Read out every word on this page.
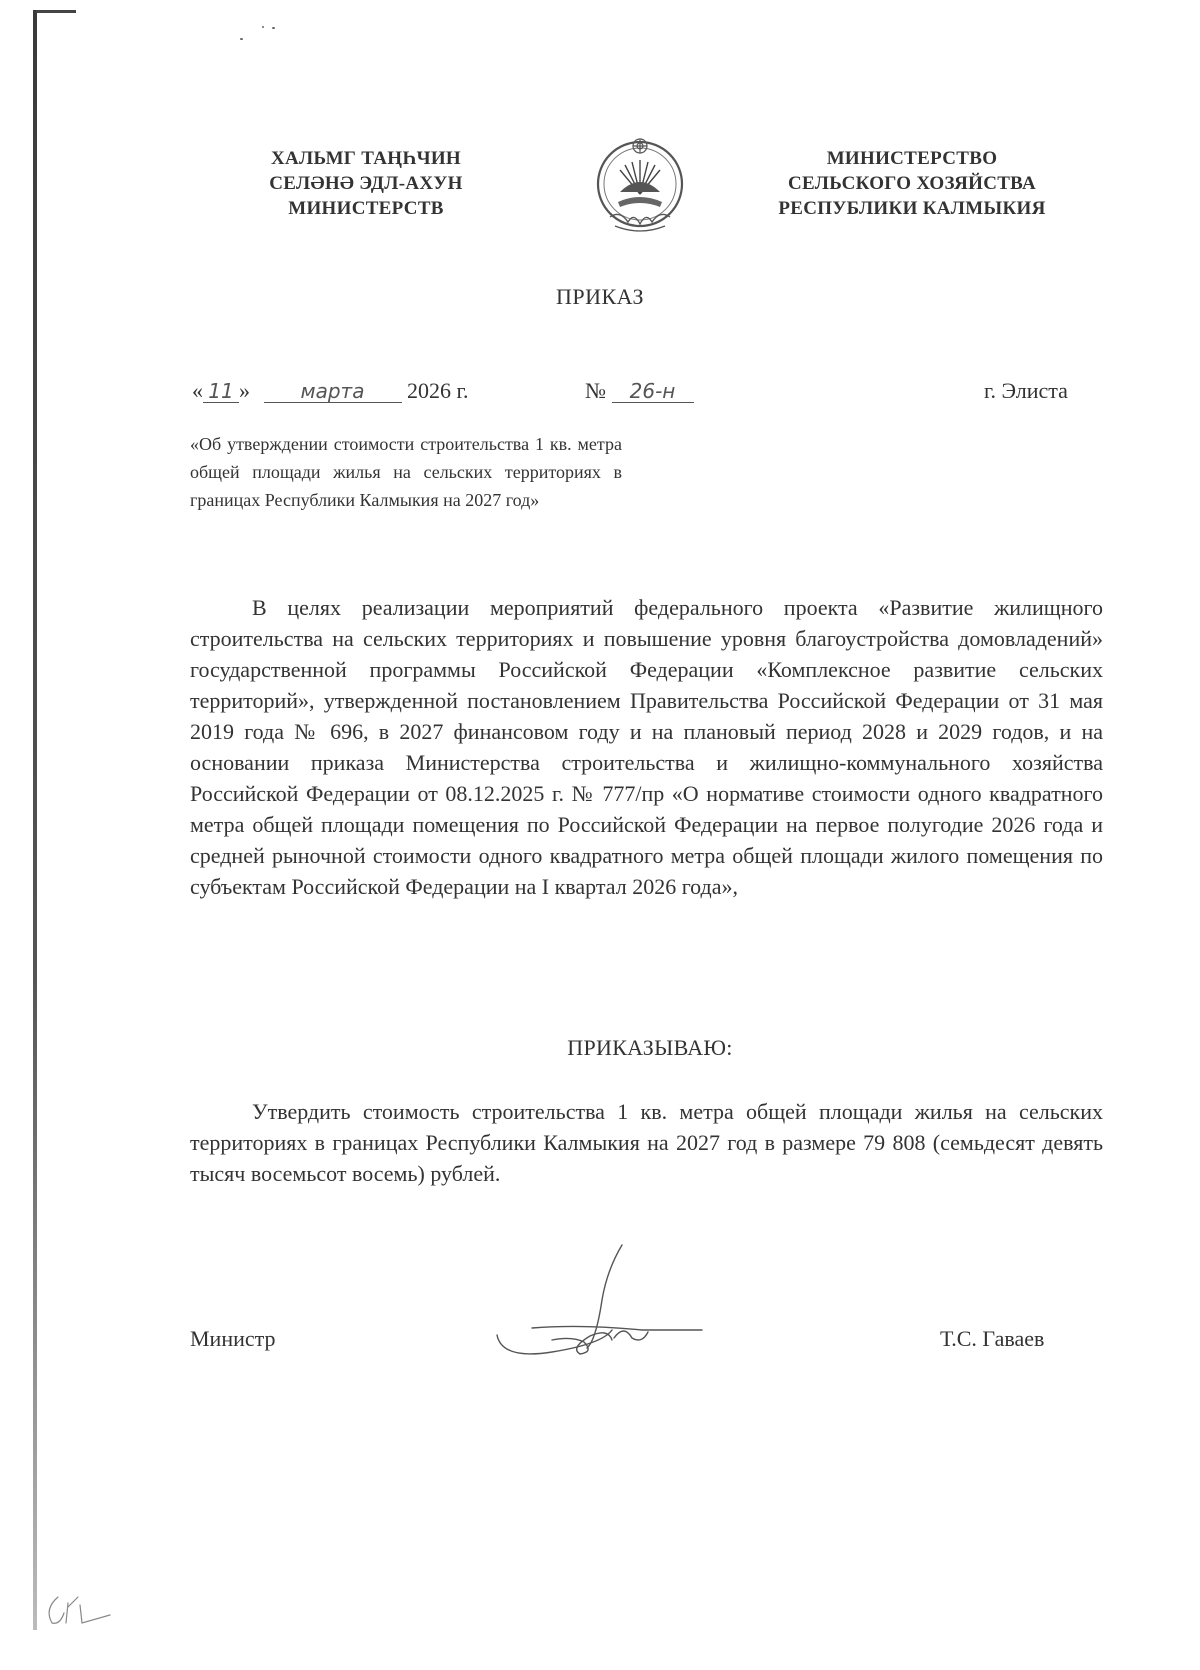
ХАЛЬМГ ТАҢҺЧИН
СЕЛӘНӘ ЭДЛ-АХУН
МИНИСТЕРСТВ
МИНИСТЕРСТВО
СЕЛЬСКОГО ХОЗЯЙСТВА
РЕСПУБЛИКИ КАЛМЫКИЯ
ПРИКАЗ
« 11 »	марта 2026 г.	№ 26-н	г. Элиста
«Об утверждении стоимости строительства 1 кв. метра общей площади жилья на сельских территориях в границах Республики Калмыкия на 2027 год»

В целях реализации мероприятий федерального проекта «Развитие жилищного строительства на сельских территориях и повышение уровня благоустройства домовладений» государственной программы Российской Федерации «Комплексное развитие сельских территорий», утвержденной постановлением Правительства Российской Федерации от 31 мая 2019 года № 696, в 2027 финансовом году и на плановый период 2028 и 2029 годов, и на основании приказа Министерства строительства и жилищно-коммунального хозяйства Российской Федерации от 08.12.2025 г. № 777/пр «О нормативе стоимости одного квадратного метра общей площади помещения по Российской Федерации на первое полугодие 2026 года и средней рыночной стоимости одного квадратного метра общей площади жилого помещения по субъектам Российской Федерации на I квартал 2026 года»,

ПРИКАЗЫВАЮ:

Утвердить стоимость строительства 1 кв. метра общей площади жилья на сельских территориях в границах Республики Калмыкия на 2027 год в размере 79 808 (семьдесят девять тысяч восемьсот восемь) рублей.

Министр	Т.С. Гаваев
